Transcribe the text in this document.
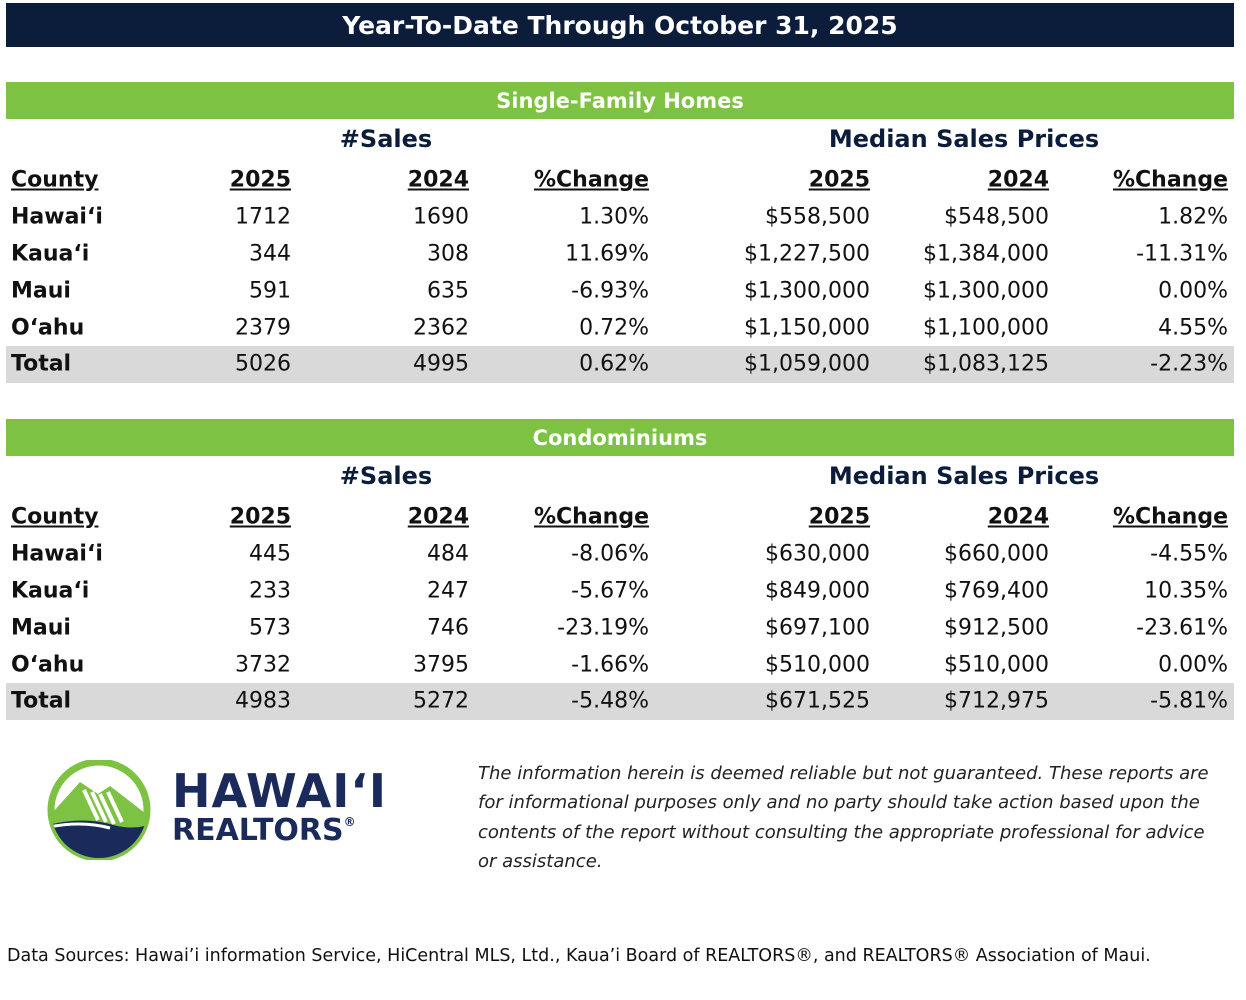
Year-To-Date Through October 31, 2025
Single-Family Homes
#Sales	Median Sales Prices
County	2025	2024	%Change	2025	2024	%Change
Hawai‘i	1712	1690	1.30%	$558,500	$548,500	1.82%
Kaua‘i	344	308	11.69%	$1,227,500 $1,384,000	-11.31%
Maui	591	635	-6.93%	$1,300,000 $1,300,000	0.00%
O‘ahu	2379	2362	0.72%	$1,150,000 $1,100,000	4.55%
Total	5026	4995	0.62%	$1,059,000 $1,083,125	-2.23%
Condominiums
#Sales	Median Sales Prices
County	2025	2024	%Change	2025	2024	%Change
Hawai‘i	445	484	-8.06%	$630,000	$660,000	-4.55%
Kaua‘i	233	247	-5.67%	$849,000	$769,400	10.35%
Maui	573	746	-23.19%	$697,100	$912,500	-23.61%
O‘ahu	3732	3795	-1.66%	$510,000	$510,000	0.00%
Total	4983	5272	-5.48%	$671,525	$712,975	-5.81%
HAWAI‘I
REALTORS®
The information herein is deemed reliable but not guaranteed. These reports are for informational purposes only and no party should take action based upon the contents of the report without consulting the appropriate professional for advice or assistance.
Data Sources: Hawai’i information Service, HiCentral MLS, Ltd., Kaua’i Board of REALTORS®, and REALTORS® Association of Maui.
